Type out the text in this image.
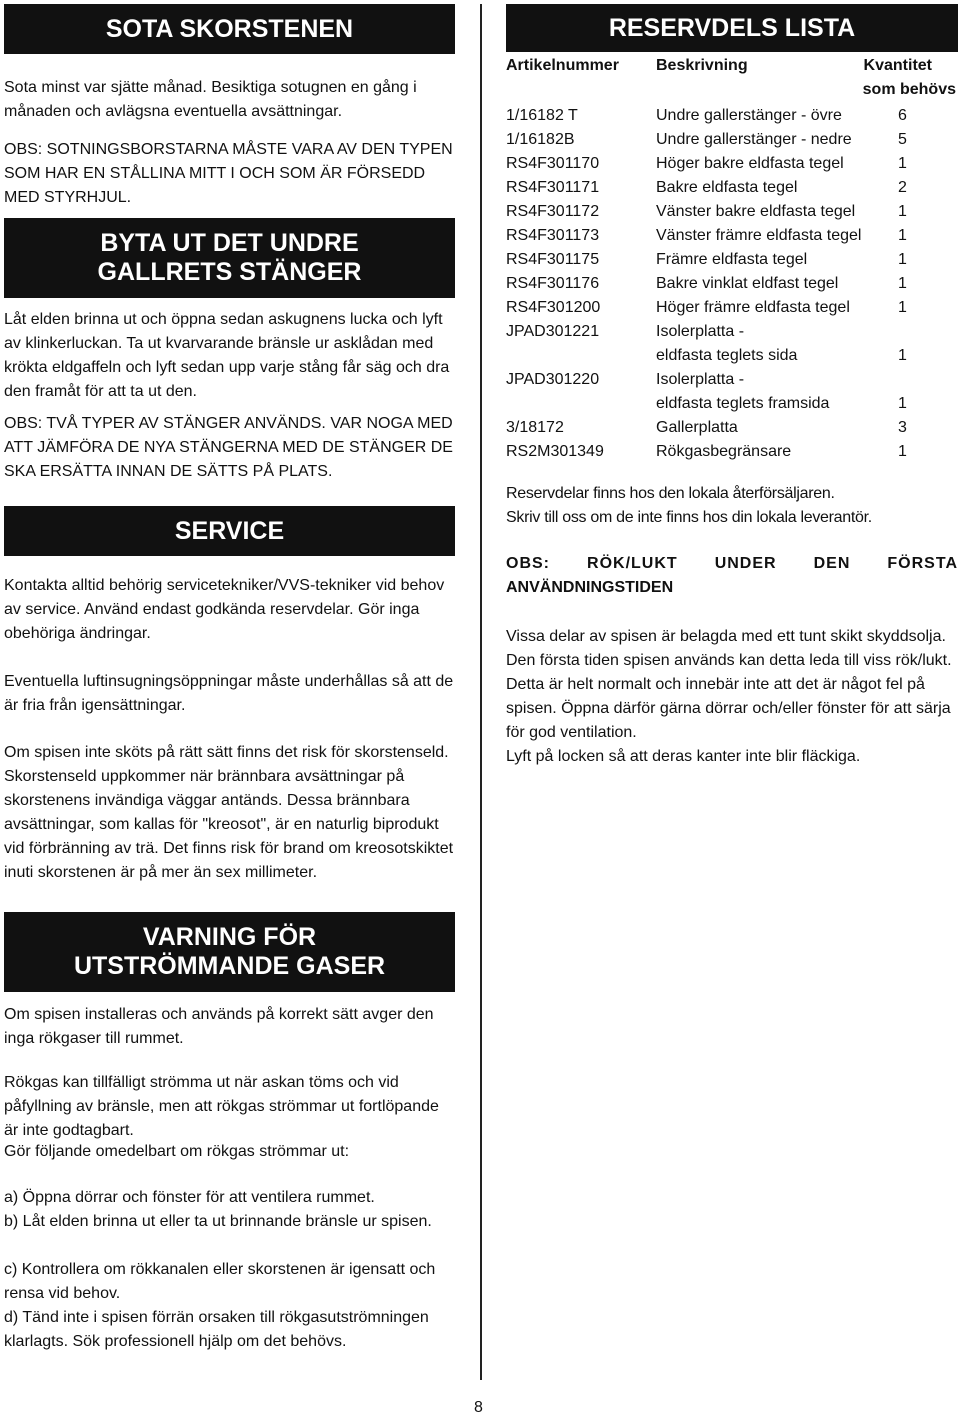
SOTA SKORSTENEN

Sota minst var sjätte månad. Besiktiga sotugnen en gång i månaden och avlägsna eventuella avsättningar.

OBS: SOTNINGSBORSTARNA MÅSTE VARA AV DEN TYPEN SOM HAR EN STÅLLINA MITT I OCH SOM ÄR FÖRSEDD MED STYRHJUL.

BYTA UT DET UNDRE GALLRETS STÄNGER

Låt elden brinna ut och öppna sedan askugnens lucka och lyft av klinkerluckan. Ta ut kvarvarande bränsle ur asklådan med krökta eldgaffeln och lyft sedan upp varje stång får säg och dra den framåt för att ta ut den.

OBS: TVÅ TYPER AV STÄNGER ANVÄNDS. VAR NOGA MED ATT JÄMFÖRA DE NYA STÄNGERNA MED DE STÄNGER DE SKA ERSÄTTA INNAN DE SÄTTS PÅ PLATS.

SERVICE

Kontakta alltid behörig servicetekniker/VVS-tekniker vid behov av service. Använd endast godkända reservdelar. Gör inga obehöriga ändringar.

Eventuella luftinsugningsöppningar måste underhållas så att de är fria från igensättningar.

Om spisen inte sköts på rätt sätt finns det risk för skorstenseld. Skorstenseld uppkommer när brännbara avsättningar på skorstenens invändiga väggar antänds. Dessa brännbara avsättningar, som kallas för "kreosot", är en naturlig biprodukt vid förbränning av trä. Det finns risk för brand om kreosotskiktet inuti skorstenen är på mer än sex millimeter.

VARNING FÖR UTSTRÖMMANDE GASER

Om spisen installeras och används på korrekt sätt avger den inga rökgaser till rummet.

Rökgas kan tillfälligt strömma ut när askan töms och vid påfyllning av bränsle, men att rökgas strömmar ut fortlöpande är inte godtagbart.

Gör följande omedelbart om rökgas strömmar ut:

a) Öppna dörrar och fönster för att ventilera rummet.

b) Låt elden brinna ut eller ta ut brinnande bränsle ur spisen.

c) Kontrollera om rökkanalen eller skorstenen är igensatt och rensa vid behov.

d) Tänd inte i spisen förrän orsaken till rökgasutströmningen klarlagts. Sök professionell hjälp om det behövs.

RESERVDELS LISTA
Artikelnummer Beskrivning	Kvantitet
som behövs
1/16182 T	Undre gallerstänger - övre	6
1/16182B	Undre gallerstänger - nedre	5
RS4F301170	Höger bakre eldfasta tegel	1
RS4F301171	Bakre eldfasta tegel	2
RS4F301172	Vänster bakre eldfasta tegel	1
RS4F301173	Vänster främre eldfasta tegel 1
RS4F301175	Främre eldfasta tegel	1
RS4F301176	Bakre vinklat eldfast tegel	1
RS4F301200	Höger främre eldfasta tegel	1
JPAD301221	Isolerplatta -
eldfasta teglets sida	1
JPAD301220	Isolerplatta -
eldfasta teglets framsida	1
3/18172	Gallerplatta	3
RS2M301349	Rökgasbegränsare	1

Reservdelar finns hos den lokala återförsäljaren.

Skriv till oss om de inte finns hos din lokala leverantör.

OBS: RÖK/LUKT UNDER DEN FÖRSTA

ANVÄNDNINGSTIDEN

Vissa delar av spisen är belagda med ett tunt skikt skyddsolja. Den första tiden spisen används kan detta leda till viss rök/lukt. Detta är helt normalt och innebär inte att det är något fel på spisen. Öppna därför gärna dörrar och/eller fönster för att särja för god ventilation.

Lyft på locken så att deras kanter inte blir fläckiga.

8
